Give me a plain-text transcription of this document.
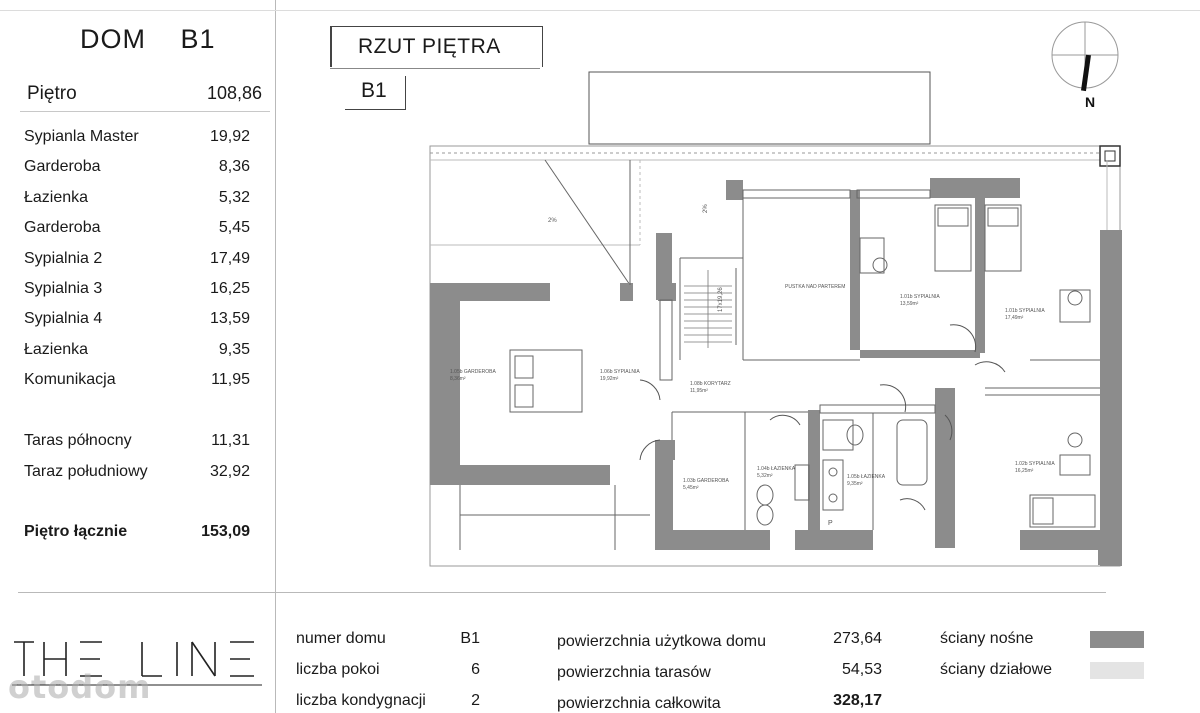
DOM B1
Piętro	108,86
Sypianla Master	19,92
Garderoba	8,36
Łazienka	5,32
Garderoba	5,45
Sypialnia 2	17,49
Sypialnia 3	16,25
Sypialnia 4	13,59
Łazienka	9,35
Komunikacja	11,95
Taras północny	11,31
Taraz południowy	32,92
Piętro łącznie	153,09
RZUT PIĘTRA
B1	N
2%
2%
17x19,26
1.06b SYPIALNIA 19,92m²
1.05b GARDEROBA 8,36m²
1.08b KORYTARZ 11,95m²
PUSTKA NAD PARTEREM
1.01b SYPIALNIA 13,59m²
1.01b SYPIALNIA 17,49m²
1.02b SYPIALNIA 16,25m²
1.03b GARDEROBA 5,45m²
1.04b ŁAZIENKA 5,32m²	1.05b ŁAZIENKA 9,35m²
P
otodom
numer domu	B1
liczba pokoi	6
liczba kondygnacji	2
powierzchnia użytkowa domu	273,64
powierzchnia tarasów	54,53
powierzchnia całkowita	328,17
ściany nośne
ściany działowe
